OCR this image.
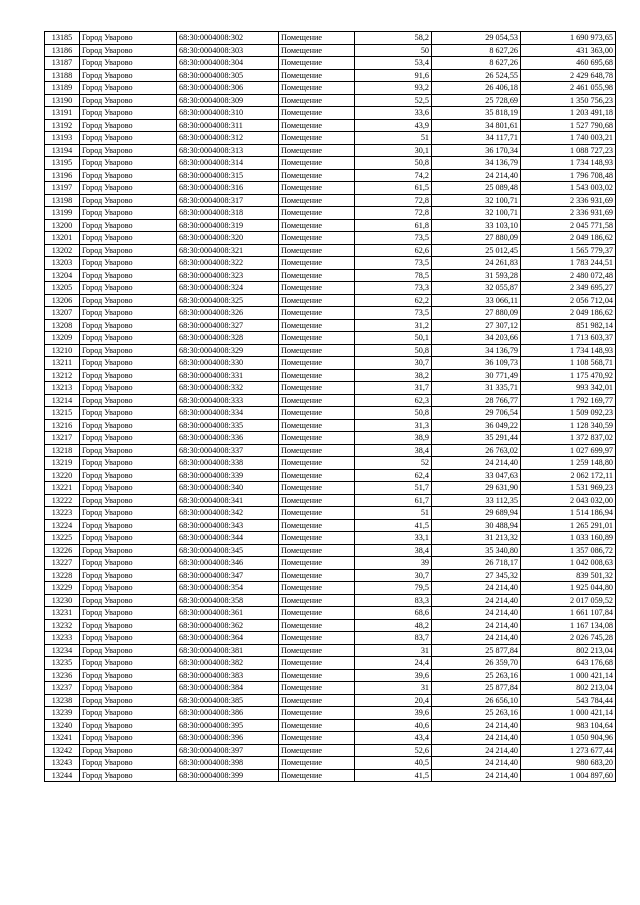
13185	Город Уварово	68:30:0004008:302	Помещение	58,2	29 054,53	1 690 973,65
13186	Город Уварово	68:30:0004008:303	Помещение	50	8 627,26	431 363,00
13187	Город Уварово	68:30:0004008:304	Помещение	53,4	8 627,26	460 695,68
13188	Город Уварово	68:30:0004008:305	Помещение	91,6	26 524,55	2 429 648,78
13189	Город Уварово	68:30:0004008:306	Помещение	93,2	26 406,18	2 461 055,98
13190	Город Уварово	68:30:0004008:309	Помещение	52,5	25 728,69	1 350 756,23
13191	Город Уварово	68:30:0004008:310	Помещение	33,6	35 818,19	1 203 491,18
13192	Город Уварово	68:30:0004008:311	Помещение	43,9	34 801,61	1 527 790,68
13193	Город Уварово	68:30:0004008:312	Помещение	51	34 117,71	1 740 003,21
13194	Город Уварово	68:30:0004008:313	Помещение	30,1	36 170,34	1 088 727,23
13195	Город Уварово	68:30:0004008:314	Помещение	50,8	34 136,79	1 734 148,93
13196	Город Уварово	68:30:0004008:315	Помещение	74,2	24 214,40	1 796 708,48
13197	Город Уварово	68:30:0004008:316	Помещение	61,5	25 089,48	1 543 003,02
13198	Город Уварово	68:30:0004008:317	Помещение	72,8	32 100,71	2 336 931,69
13199	Город Уварово	68:30:0004008:318	Помещение	72,8	32 100,71	2 336 931,69
13200	Город Уварово	68:30:0004008:319	Помещение	61,8	33 103,10	2 045 771,58
13201	Город Уварово	68:30:0004008:320	Помещение	73,5	27 880,09	2 049 186,62
13202	Город Уварово	68:30:0004008:321	Помещение	62,6	25 012,45	1 565 779,37
13203	Город Уварово	68:30:0004008:322	Помещение	73,5	24 261,83	1 783 244,51
13204	Город Уварово	68:30:0004008:323	Помещение	78,5	31 593,28	2 480 072,48
13205	Город Уварово	68:30:0004008:324	Помещение	73,3	32 055,87	2 349 695,27
13206	Город Уварово	68:30:0004008:325	Помещение	62,2	33 066,11	2 056 712,04
13207	Город Уварово	68:30:0004008:326	Помещение	73,5	27 880,09	2 049 186,62
13208	Город Уварово	68:30:0004008:327	Помещение	31,2	27 307,12	851 982,14
13209	Город Уварово	68:30:0004008:328	Помещение	50,1	34 203,66	1 713 603,37
13210	Город Уварово	68:30:0004008:329	Помещение	50,8	34 136,79	1 734 148,93
13211	Город Уварово	68:30:0004008:330	Помещение	30,7	36 109,73	1 108 568,71
13212	Город Уварово	68:30:0004008:331	Помещение	38,2	30 771,49	1 175 470,92
13213	Город Уварово	68:30:0004008:332	Помещение	31,7	31 335,71	993 342,01
13214	Город Уварово	68:30:0004008:333	Помещение	62,3	28 766,77	1 792 169,77
13215	Город Уварово	68:30:0004008:334	Помещение	50,8	29 706,54	1 509 092,23
13216	Город Уварово	68:30:0004008:335	Помещение	31,3	36 049,22	1 128 340,59
13217	Город Уварово	68:30:0004008:336	Помещение	38,9	35 291,44	1 372 837,02
13218	Город Уварово	68:30:0004008:337	Помещение	38,4	26 763,02	1 027 699,97
13219	Город Уварово	68:30:0004008:338	Помещение	52	24 214,40	1 259 148,80
13220	Город Уварово	68:30:0004008:339	Помещение	62,4	33 047,63	2 062 172,11
13221	Город Уварово	68:30:0004008:340	Помещение	51,7	29 631,90	1 531 969,23
13222	Город Уварово	68:30:0004008:341	Помещение	61,7	33 112,35	2 043 032,00
13223	Город Уварово	68:30:0004008:342	Помещение	51	29 689,94	1 514 186,94
13224	Город Уварово	68:30:0004008:343	Помещение	41,5	30 488,94	1 265 291,01
13225	Город Уварово	68:30:0004008:344	Помещение	33,1	31 213,32	1 033 160,89
13226	Город Уварово	68:30:0004008:345	Помещение	38,4	35 340,80	1 357 086,72
13227	Город Уварово	68:30:0004008:346	Помещение	39	26 718,17	1 042 008,63
13228	Город Уварово	68:30:0004008:347	Помещение	30,7	27 345,32	839 501,32
13229	Город Уварово	68:30:0004008:354	Помещение	79,5	24 214,40	1 925 044,80
13230	Город Уварово	68:30:0004008:358	Помещение	83,3	24 214,40	2 017 059,52
13231	Город Уварово	68:30:0004008:361	Помещение	68,6	24 214,40	1 661 107,84
13232	Город Уварово	68:30:0004008:362	Помещение	48,2	24 214,40	1 167 134,08
13233	Город Уварово	68:30:0004008:364	Помещение	83,7	24 214,40	2 026 745,28
13234	Город Уварово	68:30:0004008:381	Помещение	31	25 877,84	802 213,04
13235	Город Уварово	68:30:0004008:382	Помещение	24,4	26 359,70	643 176,68
13236	Город Уварово	68:30:0004008:383	Помещение	39,6	25 263,16	1 000 421,14
13237	Город Уварово	68:30:0004008:384	Помещение	31	25 877,84	802 213,04
13238	Город Уварово	68:30:0004008:385	Помещение	20,4	26 656,10	543 784,44
13239	Город Уварово	68:30:0004008:386	Помещение	39,6	25 263,16	1 000 421,14
13240	Город Уварово	68:30:0004008:395	Помещение	40,6	24 214,40	983 104,64
13241	Город Уварово	68:30:0004008:396	Помещение	43,4	24 214,40	1 050 904,96
13242	Город Уварово	68:30:0004008:397	Помещение	52,6	24 214,40	1 273 677,44
13243	Город Уварово	68:30:0004008:398	Помещение	40,5	24 214,40	980 683,20
13244	Город Уварово	68:30:0004008:399	Помещение	41,5	24 214,40	1 004 897,60
